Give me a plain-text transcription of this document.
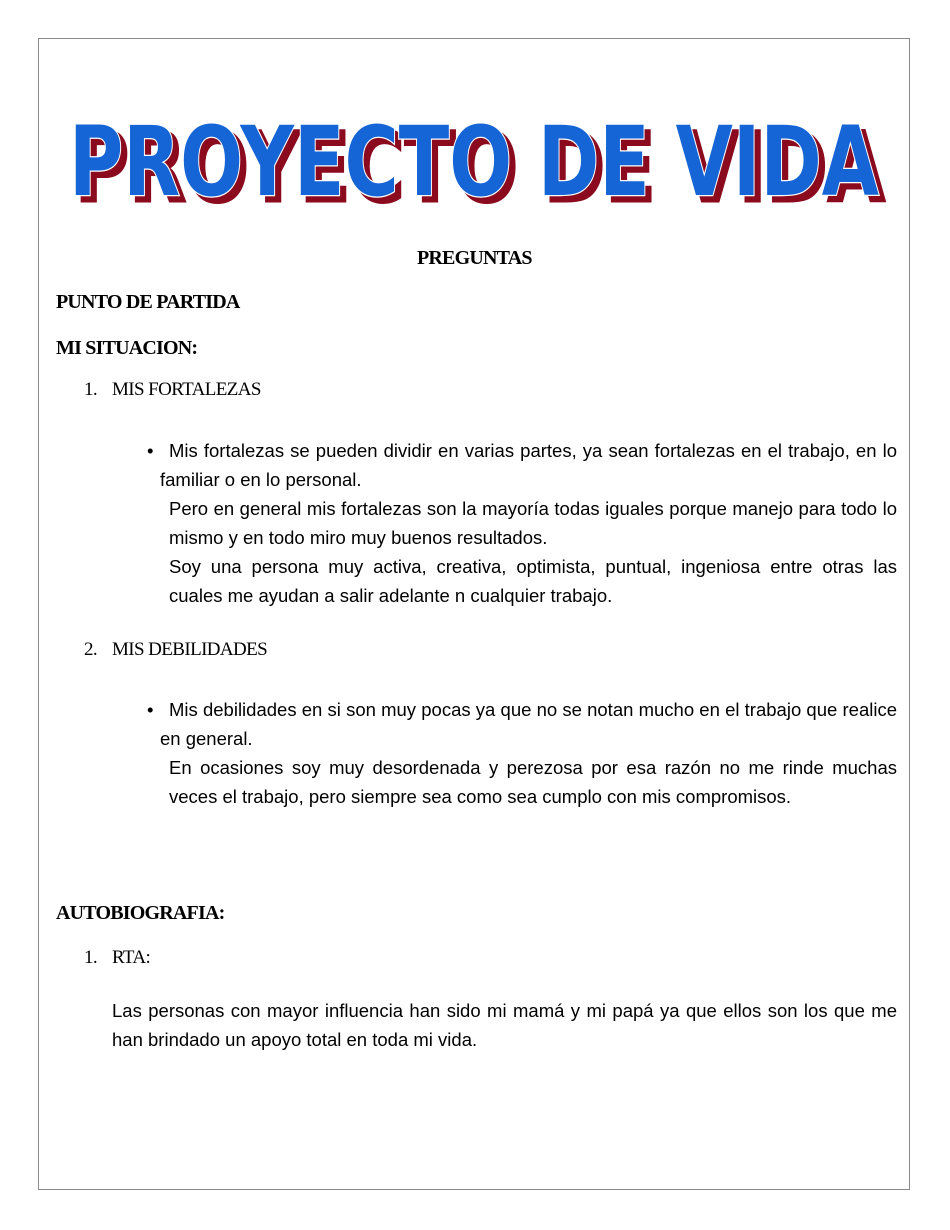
PROYECTO DE VIDA
PROYECTO DE VIDA
PREGUNTAS
PUNTO DE PARTIDA
MI SITUACION:
1. MIS FORTALEZAS
• Mis fortalezas se pueden dividir en varias partes, ya sean fortalezas en el trabajo, en lo familiar o en lo personal.

Pero en general mis fortalezas son la mayoría todas iguales porque manejo para todo lo mismo y en todo miro muy buenos resultados.

Soy una persona muy activa, creativa, optimista, puntual, ingeniosa entre otras las cuales me ayudan a salir adelante n cualquier trabajo.

2. MIS DEBILIDADES
• Mis debilidades en si son muy pocas ya que no se notan mucho en el trabajo que realice en general.

En ocasiones soy muy desordenada y perezosa por esa razón no me rinde muchas veces el trabajo, pero siempre sea como sea cumplo con mis compromisos.

AUTOBIOGRAFIA:
1. RTA:

Las personas con mayor influencia han sido mi mamá y mi papá ya que ellos son los que me han brindado un apoyo total en toda mi vida.
